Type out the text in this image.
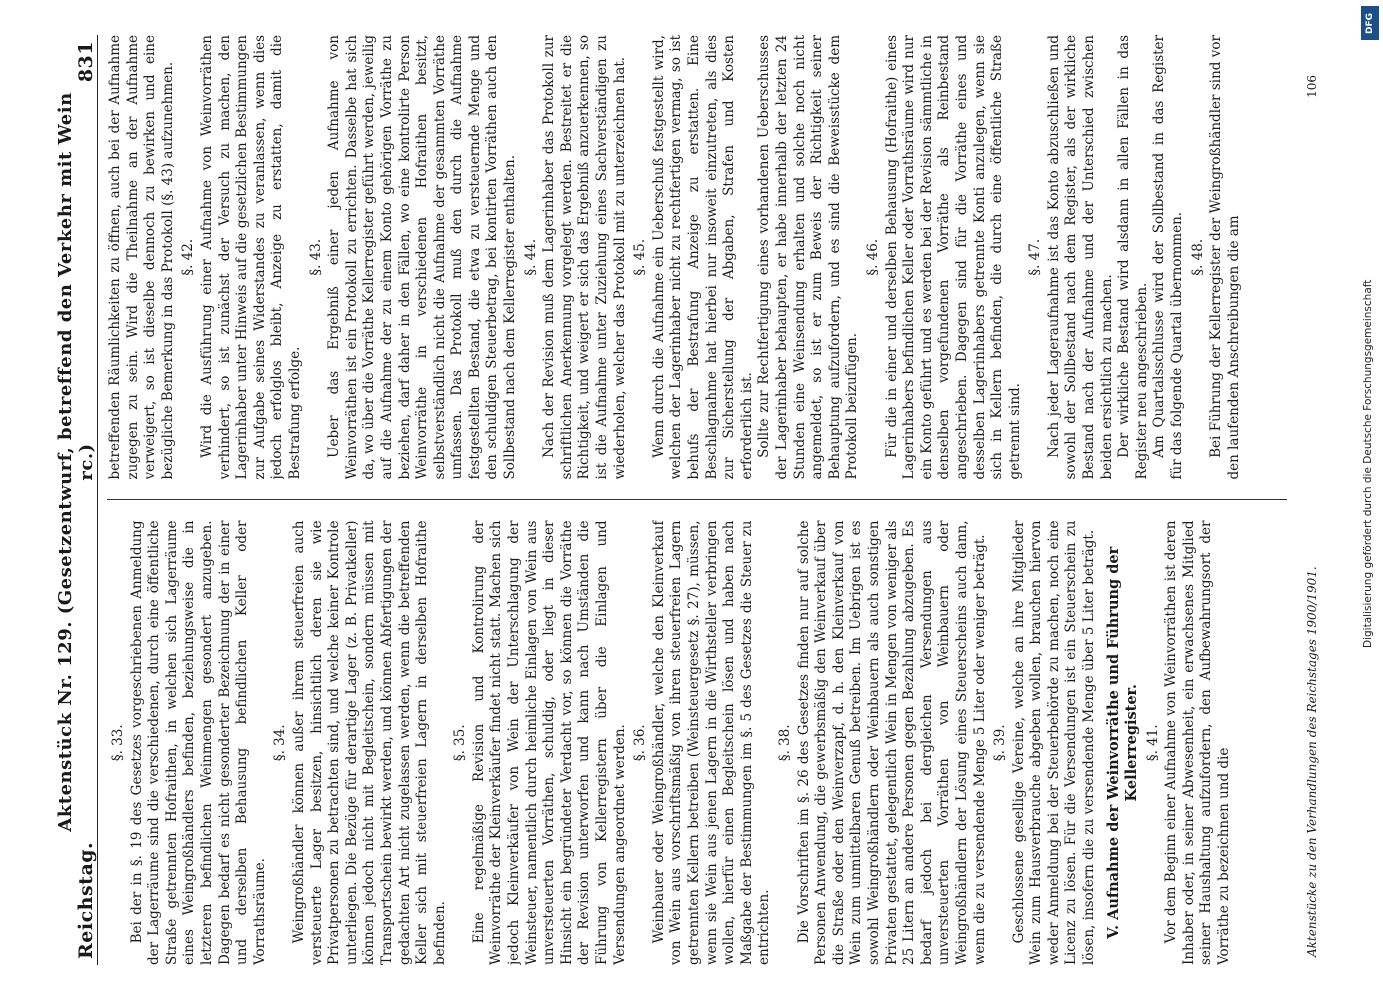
Reichstag.
Aktenstück Nr. 129. (Gesetzentwurf, betreffend den Verkehr mit Wein rc.)
831
§. 33. Bei der in §. 19 des Gesetzes vorgeschriebenen Anmeldung der Lagerräume sind die verschiedenen, durch eine öffentliche Straße getrennten Hofraithen, in welchen sich Lagerräume eines Weingroßhändlers befinden, beziehungsweise die in letzteren befindlichen Weinmengen gesondert anzugeben. Dagegen bedarf es nicht gesonderter Bezeichnung der in einer und derselben Behausung befindlichen Keller oder Vorrathsräume.

§. 34. Weingroßhändler können außer ihrem steuerfreien auch versteuerte Lager besitzen, hinsichtlich deren sie wie Privatpersonen zu betrachten sind, und welche keiner Kontrole unterliegen. Die Bezüge für derartige Lager (z. B. Privatkeller) können jedoch nicht mit Begleitschein, sondern müssen mit Transportschein bewirkt werden, und können Abfertigungen der gedachten Art nicht zugelassen werden, wenn die betreffenden Keller sich mit steuerfreien Lagern in derselben Hofraithe befinden.

§. 35. Eine regelmäßige Revision und Kontrolirung der Weinvorräthe der Kleinverkäufer findet nicht statt. Machen sich jedoch Kleinverkäufer von Wein der Unterschlagung der Weinsteuer, namentlich durch heimliche Einlagen von Wein aus unversteuerten Vorräthen, schuldig, oder liegt in dieser Hinsicht ein begründeter Verdacht vor, so können die Vorräthe der Revision unterworfen und kann nach Umständen die Führung von Kellerregistern über die Einlagen und Versendungen angeordnet werden. §. 36. Weinbauer oder Weingroßhändler, welche den Kleinverkauf von Wein aus vorschriftsmäßig von ihren steuerfreien Lagern getrennten Kellern betreiben (Weinsteuergesetz §. 27), müssen, wenn sie Wein aus jenen Lagern in die Wirthsteller verbringen wollen, hierfür einen Begleitschein lösen und haben nach Maßgabe der Bestimmungen im §. 5 des Gesetzes die Steuer zu entrichten.

§. 38. Die Vorschriften im §. 26 des Gesetzes finden nur auf solche Personen Anwendung, die gewerbsmäßig den Weinverkauf über die Straße oder den Weinverzapf, d. h. den Kleinverkauf von Wein zum unmittelbaren Genuß betreiben. Im Uebrigen ist es sowohl Weingroßhändlern oder Weinbauern als auch sonstigen Privaten gestattet, gelegentlich Wein in Mengen von weniger als 25 Litern an andere Personen gegen Bezahlung abzugeben. Es bedarf jedoch bei dergleichen Versendungen aus unversteuerten Vorräthen von Weinbauern oder Weingroßhändlern der Lösung eines Steuerscheins auch dann, wenn die zu versendende Menge 5 Liter oder weniger beträgt. §. 39. Geschlossene gesellige Vereine, welche an ihre Mitglieder Wein zum Hausverbrauche abgeben wollen, brauchen hiervon weder Anmeldung bei der Steuerbehörde zu machen, noch eine Licenz zu lösen. Für die Versendungen ist ein Steuerschein zu lösen, insofern die zu versendende Menge über 5 Liter beträgt. V. Aufnahme der Weinvorräthe und Führung der Kellerregister. §. 41. Vor dem Beginn einer Aufnahme von Weinvorräthen ist deren Inhaber oder, in seiner Abwesenheit, ein erwachsenes Mitglied seiner Haushaltung aufzufordern, den Aufbewahrungsort der Vorräthe zu bezeichnen und die

betreffenden Räumlichkeiten zu öffnen, auch bei der Aufnahme zugegen zu sein. Wird die Theilnahme an der Aufnahme verweigert, so ist dieselbe dennoch zu bewirken und eine bezügliche Bemerkung in das Protokoll (§. 43) aufzunehmen. §. 42. Wird die Ausführung einer Aufnahme von Weinvorräthen verhindert, so ist zunächst der Versuch zu machen, den Lagerinhaber unter Hinweis auf die gesetzlichen Bestimmungen zur Aufgabe seines Widerstandes zu veranlassen, wenn dies jedoch erfolglos bleibt, Anzeige zu erstatten, damit die Bestrafung erfolge.

§. 43. Ueber das Ergebniß einer jeden Aufnahme von Weinvorräthen ist ein Protokoll zu errichten. Dasselbe hat sich da, wo über die Vorräthe Kellerregister geführt werden, jeweilig auf die Aufnahme der zu einem Konto gehörigen Vorräthe zu beziehen, darf daher in den Fällen, wo eine kontrolirte Person Weinvorräthe in verschiedenen Hofraithen besitzt, selbstverständlich nicht die Aufnahme der gesammten Vorräthe umfassen. Das Protokoll muß den durch die Aufnahme festgestellten Bestand, die etwa zu versteuernde Menge und den schuldigen Steuerbetrag, bei kontirten Vorräthen auch den Sollbestand nach dem Kellerregister enthalten. §. 44. Nach der Revision muß dem Lagerinhaber das Protokoll zur schriftlichen Anerkennung vorgelegt werden. Bestreitet er die Richtigkeit, und weigert er sich das Ergebniß anzuerkennen, so ist die Aufnahme unter Zuziehung eines Sachverständigen zu wiederholen, welcher das Protokoll mit zu unterzeichnen hat. §. 45. Wenn durch die Aufnahme ein Ueberschuß festgestellt wird, welchen der Lagerinhaber nicht zu rechtfertigen vermag, so ist behufs der Bestrafung Anzeige zu erstatten. Eine Beschlagnahme hat hierbei nur insoweit einzutreten, als dies zur Sicherstellung der Abgaben, Strafen und Kosten erforderlich ist. Sollte zur Rechtfertigung eines vorhandenen Ueberschusses der Lagerinhaber behaupten, er habe innerhalb der letzten 24 Stunden eine Weinsendung erhalten und solche noch nicht angemeldet, so ist er zum Beweis der Richtigkeit seiner Behauptung aufzufordern, und es sind die Beweisstücke dem Protokoll beizufügen.

§. 46. Für die in einer und derselben Behausung (Hofraithe) eines Lagerinhabers befindlichen Keller oder Vorrathsräume wird nur ein Konto geführt und es werden bei der Revision sämmtliche in denselben vorgefundenen Vorräthe als Reinbestand angeschrieben. Dagegen sind für die Vorräthe eines und desselben Lagerinhabers getrennte Konti anzulegen, wenn sie sich in Kellern befinden, die durch eine öffentliche Straße getrennt sind.

§. 47. Nach jeder Lageraufnahme ist das Konto abzuschließen und sowohl der Sollbestand nach dem Register, als der wirkliche Bestand nach der Aufnahme und der Unterschied zwischen beiden ersichtlich zu machen. Der wirkliche Bestand wird alsdann in allen Fällen in das Register neu angeschrieben. Am Quartalsschlusse wird der Sollbestand in das Register für das folgende Quartal übernommen. §. 48. Bei Führung der Kellerregister der Weingroßhändler sind vor den laufenden Anschreibungen die am

Aktenstücke zu den Verhandlungen des Reichstages 1900/1901.
106
DFG
Digitalisierung gefördert durch die Deutsche Forschungsgemeinschaft
